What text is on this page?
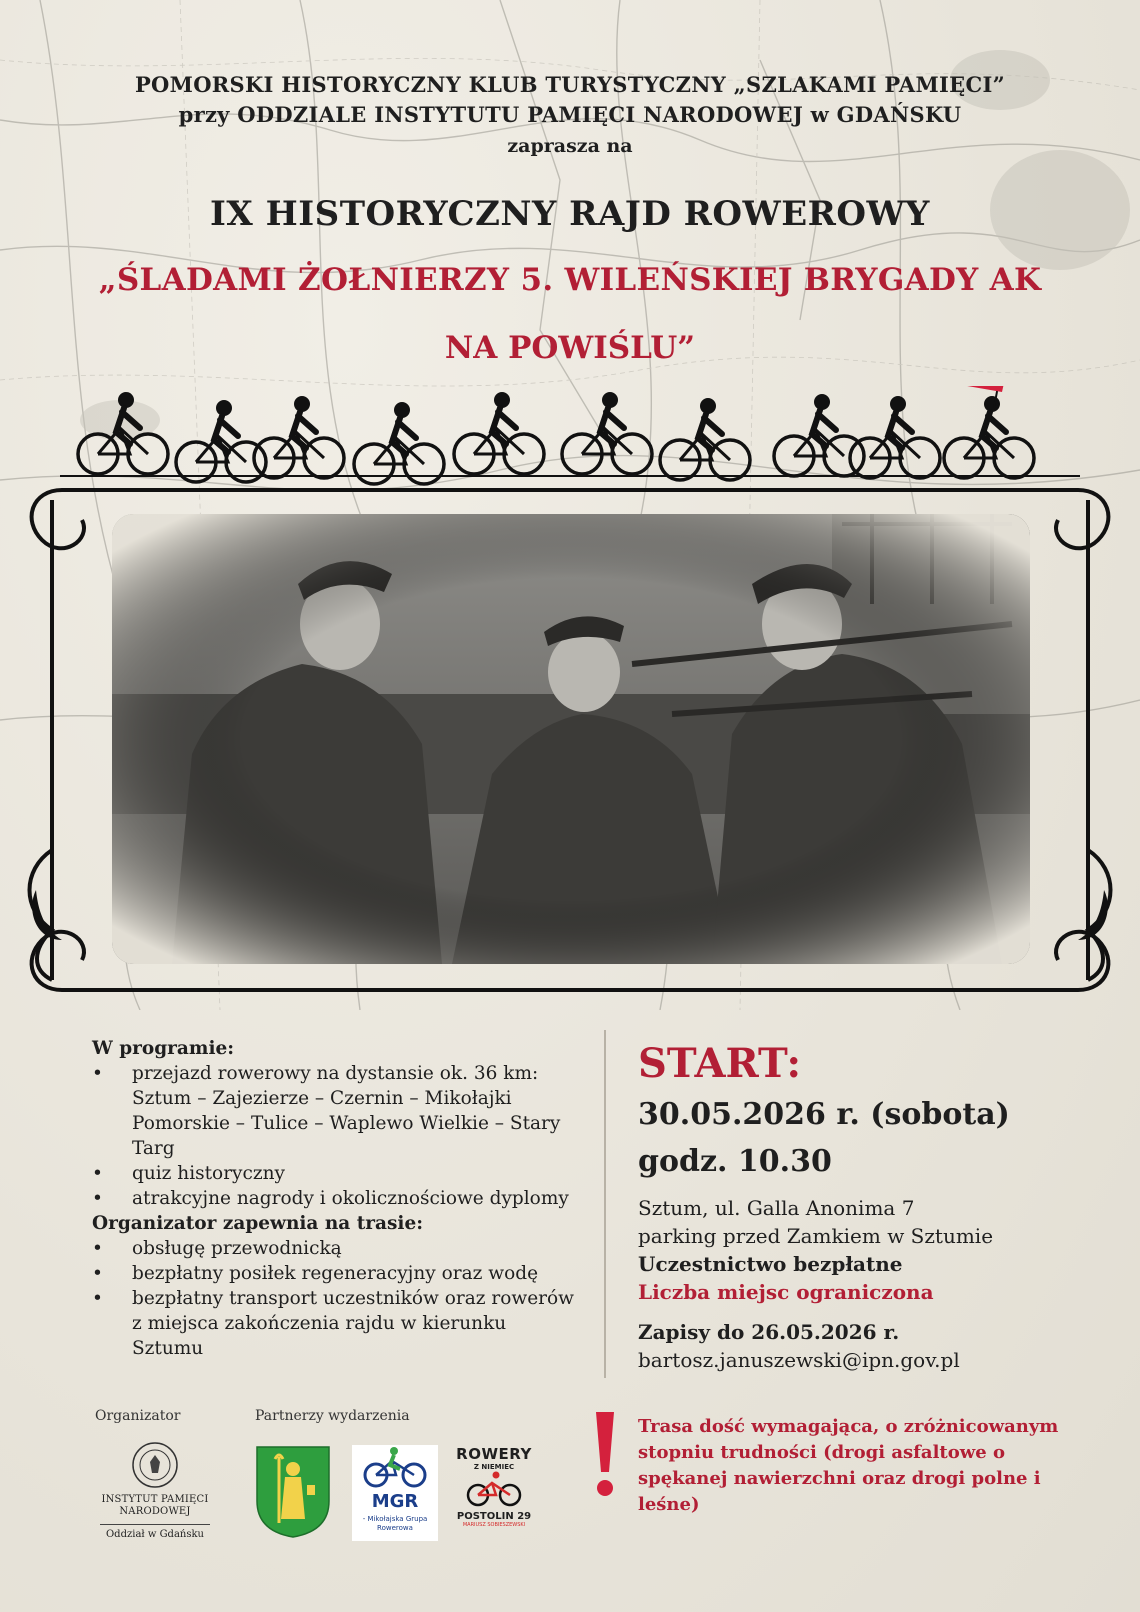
POMORSKI HISTORYCZNY KLUB TURYSTYCZNY „SZLAKAMI PAMIĘCI”
przy ODDZIALE INSTYTUTU PAMIĘCI NARODOWEJ w GDAŃSKU
zaprasza na
IX HISTORYCZNY RAJD ROWEROWY
„ŚLADAMI ŻOŁNIERZY 5. WILEŃSKIEJ BRYGADY AK
NA POWIŚLU”
W programie:
• przejazd rowerowy na dystansie ok. 36 km: Sztum – Zajezierze – Czernin – Mikołajki Pomorskie – Tulice – Waplewo Wielkie – Stary Targ
• quiz historyczny
• atrakcyjne nagrody i okolicznościowe dyplomy
Organizator zapewnia na trasie:
• obsługę przewodnicką
• bezpłatny posiłek regeneracyjny oraz wodę
• bezpłatny transport uczestników oraz rowerów z miejsca zakończenia rajdu w kierunku Sztumu
START:
30.05.2026 r. (sobota)
godz. 10.30
Sztum, ul. Galla Anonima 7
parking przed Zamkiem w Sztumie
Uczestnictwo bezpłatne
Liczba miejsc ograniczona
Zapisy do 26.05.2026 r.
bartosz.januszewski@ipn.gov.pl
Organizator	Partnerzy wydarzenia
INSTYTUT PAMIĘCI
NARODOWEJ
Oddział w Gdańsku
MGR
- Mikołajska Grupa
Rowerowa
ROWERY
Z NIEMIEC
POSTOLIN 29
MARIUSZ SOBIESZEWSKI
Trasa dość wymagająca, o zróżnicowanym stopniu trudności (drogi asfaltowe o spękanej nawierzchni oraz drogi polne i leśne)
